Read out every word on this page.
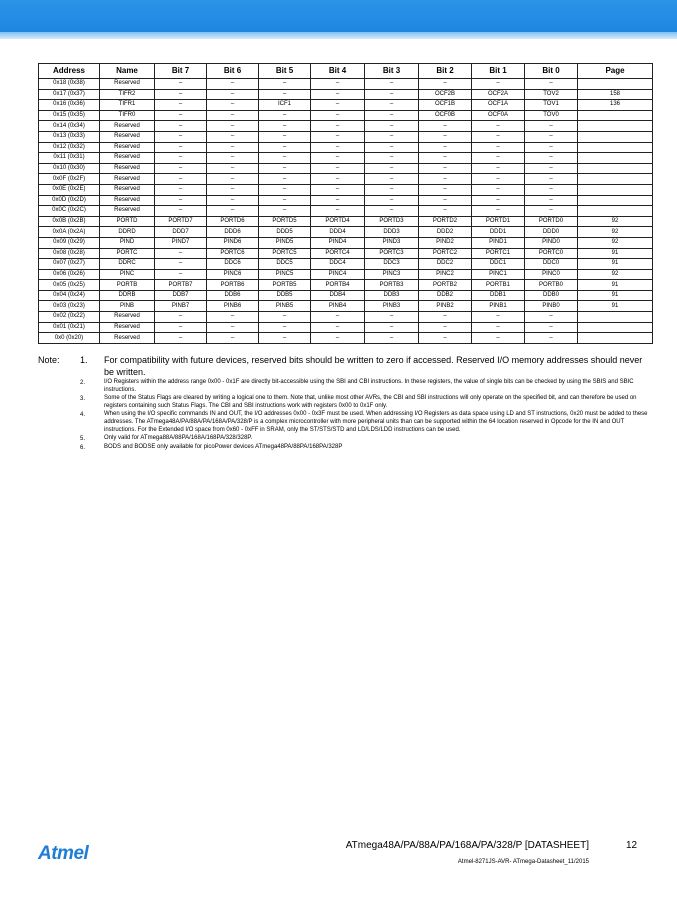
Address	Name	Bit 7	Bit 6	Bit 5	Bit 4	Bit 3	Bit 2	Bit 1	Bit 0	Page
0x18 (0x38)	Reserved	–	–	–	–	–	–	–	–	
0x17 (0x37)	TIFR2	–	–	–	–	–	OCF2B	OCF2A	TOV2	158
0x16 (0x36)	TIFR1	–	–	ICF1	–	–	OCF1B	OCF1A	TOV1	136
0x15 (0x35)	TIFR0	–	–	–	–	–	OCF0B	OCF0A	TOV0	
0x14 (0x34)	Reserved	–	–	–	–	–	–	–	–	
0x13 (0x33)	Reserved	–	–	–	–	–	–	–	–	
0x12 (0x32)	Reserved	–	–	–	–	–	–	–	–	
0x11 (0x31)	Reserved	–	–	–	–	–	–	–	–	
0x10 (0x30)	Reserved	–	–	–	–	–	–	–	–	
0x0F (0x2F)	Reserved	–	–	–	–	–	–	–	–	
0x0E (0x2E)	Reserved	–	–	–	–	–	–	–	–	
0x0D (0x2D)	Reserved	–	–	–	–	–	–	–	–	
0x0C (0x2C)	Reserved	–	–	–	–	–	–	–	–	
0x0B (0x2B)	PORTD	PORTD7	PORTD6	PORTD5	PORTD4	PORTD3	PORTD2	PORTD1	PORTD0	92
0x0A (0x2A)	DDRD	DDD7	DDD6	DDD5	DDD4	DDD3	DDD2	DDD1	DDD0	92
0x09 (0x29)	PIND	PIND7	PIND6	PIND5	PIND4	PIND3	PIND2	PIND1	PIND0	92
0x08 (0x28)	PORTC	–	PORTC6	PORTC5	PORTC4	PORTC3	PORTC2	PORTC1	PORTC0	91
0x07 (0x27)	DDRC	–	DDC6	DDC5	DDC4	DDC3	DDC2	DDC1	DDC0	91
0x06 (0x26)	PINC	–	PINC6	PINC5	PINC4	PINC3	PINC2	PINC1	PINC0	92
0x05 (0x25)	PORTB	PORTB7	PORTB6	PORTB5	PORTB4	PORTB3	PORTB2	PORTB1	PORTB0	91
0x04 (0x24)	DDRB	DDB7	DDB6	DDB5	DDB4	DDB3	DDB2	DDB1	DDB0	91
0x03 (0x23)	PINB	PINB7	PINB6	PINB5	PINB4	PINB3	PINB2	PINB1	PINB0	91
0x02 (0x22)	Reserved	–	–	–	–	–	–	–	–	
0x01 (0x21)	Reserved	–	–	–	–	–	–	–	–	
0x0 (0x20)	Reserved	–	–	–	–	–	–	–	–	
Note:	1.	For compatibility with future devices, reserved bits should be written to zero if accessed. Reserved I/O memory addresses should never be written.
2.	I/O Registers within the address range 0x00 - 0x1F are directly bit-accessible using the SBI and CBI instructions. In these registers, the value of single bits can be checked by using the SBIS and SBIC instructions.
3.	Some of the Status Flags are cleared by writing a logical one to them. Note that, unlike most other AVRs, the CBI and SBI instructions will only operate on the specified bit, and can therefore be used on registers containing such Status Flags. The CBI and SBI instructions work with registers 0x00 to 0x1F only.
4.	When using the I/O specific commands IN and OUT, the I/O addresses 0x00 - 0x3F must be used. When addressing I/O Registers as data space using LD and ST instructions, 0x20 must be added to these addresses. The ATmega48A/PA/88A/PA/168A/PA/328/P is a complex microcontroller with more peripheral units than can be supported within the 64 location reserved in Opcode for the IN and OUT instructions. For the Extended I/O space from 0x60 - 0xFF in SRAM, only the ST/STS/STD and LD/LDS/LDD instructions can be used.
5.	Only valid for ATmega88A/88PA/168A/168PA/328/328P.
6.	BODS and BODSE only available for picoPower devices ATmega48PA/88PA/168PA/328P
Atmel	ATmega48A/PA/88A/PA/168A/PA/328/P [DATASHEET]	12
Atmel-8271JS-AVR- ATmega-Datasheet_11/2015
